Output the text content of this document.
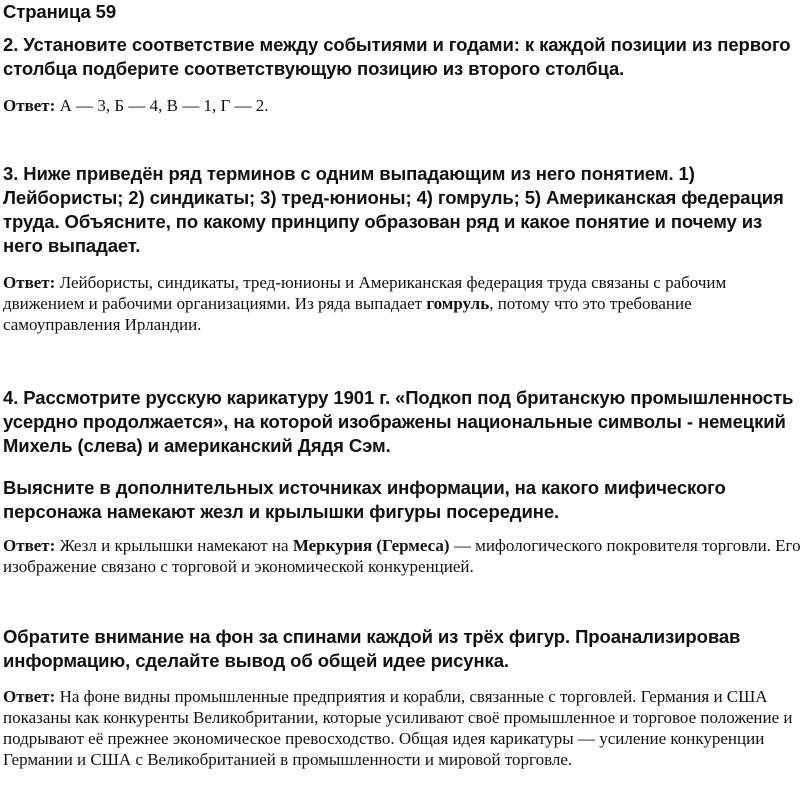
Страница 59

2. Установите соответствие между событиями и годами: к каждой позиции из первого столбца подберите соответствующую позицию из второго столбца.

Ответ: А — 3, Б — 4, В — 1, Г — 2.

3. Ниже приведён ряд терминов с одним выпадающим из него понятием. 1) Лейбористы; 2) синдикаты; 3) тред-юнионы; 4) гомруль; 5) Американская федерация труда. Объясните, по какому принципу образован ряд и какое понятие и почему из него выпадает.

Ответ: Лейбористы, синдикаты, тред-юнионы и Американская федерация труда связаны с рабочим движением и рабочими организациями. Из ряда выпадает гомруль, потому что это требование самоуправления Ирландии.

4. Рассмотрите русскую карикатуру 1901 г. «Подкоп под британскую промышленность усердно продолжается», на которой изображены национальные символы - немецкий Михель (слева) и американский Дядя Сэм.

Выясните в дополнительных источниках информации, на какого мифического персонажа намекают жезл и крылышки фигуры посередине.

Ответ: Жезл и крылышки намекают на Меркурия (Гермеса) — мифологического покровителя торговли. Его изображение связано с торговой и экономической конкуренцией.

Обратите внимание на фон за спинами каждой из трёх фигур. Проанализировав информацию, сделайте вывод об общей идее рисунка.

Ответ: На фоне видны промышленные предприятия и корабли, связанные с торговлей. Германия и США показаны как конкуренты Великобритании, которые усиливают своё промышленное и торговое положение и подрывают её прежнее экономическое превосходство. Общая идея карикатуры — усиление конкуренции Германии и США с Великобританией в промышленности и мировой торговле.
